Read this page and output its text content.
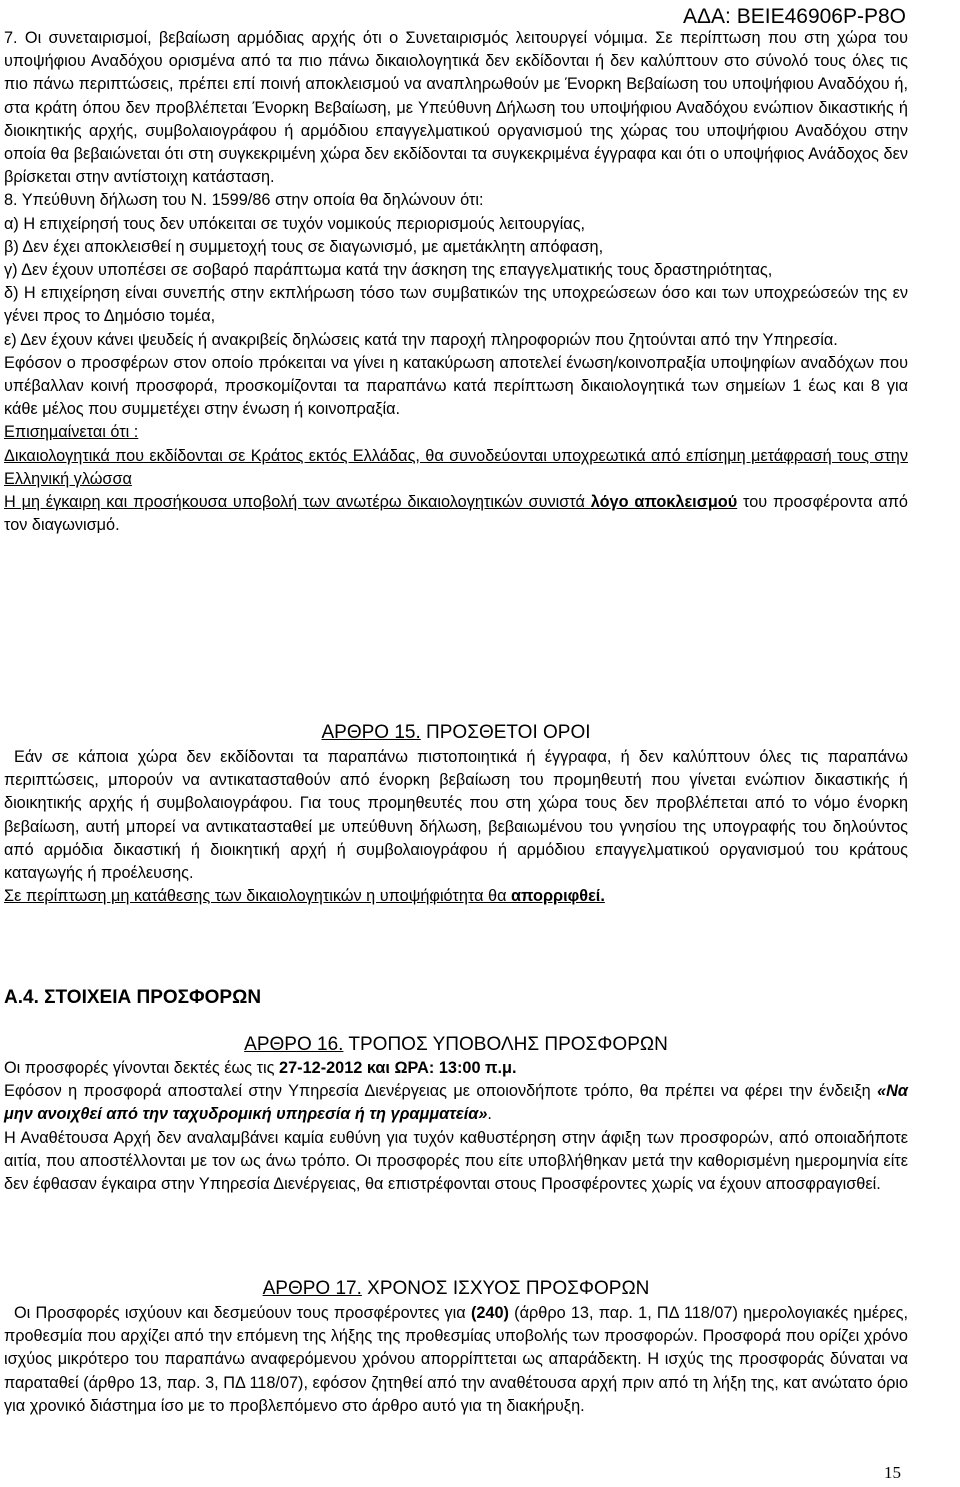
ΑΔΑ: ΒΕΙΕ46906Ρ-Ρ8Ο

7. Οι συνεταιρισμοί, βεβαίωση αρμόδιας αρχής ότι ο Συνεταιρισμός λειτουργεί νόμιμα. Σε περίπτωση που στη χώρα του υποψήφιου Αναδόχου ορισμένα από τα πιο πάνω δικαιολογητικά δεν εκδίδονται ή δεν καλύπτουν στο σύνολό τους όλες τις πιο πάνω περιπτώσεις, πρέπει επί ποινή αποκλεισμού να αναπληρωθούν με Ένορκη Βεβαίωση του υποψήφιου Αναδόχου ή, στα κράτη όπου δεν προβλέπεται Ένορκη Βεβαίωση, με Υπεύθυνη Δήλωση του υποψήφιου Αναδόχου ενώπιον δικαστικής ή διοικητικής αρχής, συμβολαιογράφου ή αρμόδιου επαγγελματικού οργανισμού της χώρας του υποψήφιου Αναδόχου στην οποία θα βεβαιώνεται ότι στη συγκεκριμένη χώρα δεν εκδίδονται τα συγκεκριμένα έγγραφα και ότι ο υποψήφιος Ανάδοχος δεν βρίσκεται στην αντίστοιχη κατάσταση.

8. Υπεύθυνη δήλωση του Ν. 1599/86 στην οποία θα δηλώνουν ότι:

α) Η επιχείρησή τους δεν υπόκειται σε τυχόν νομικούς περιορισμούς λειτουργίας,

β) Δεν έχει αποκλεισθεί η συμμετοχή τους σε διαγωνισμό, με αμετάκλητη απόφαση,

γ) Δεν έχουν υποπέσει σε σοβαρό παράπτωμα κατά την άσκηση της επαγγελματικής τους δραστηριότητας,

δ) Η επιχείρηση είναι συνεπής στην εκπλήρωση τόσο των συμβατικών της υποχρεώσεων όσο και των υποχρεώσεών της εν γένει προς το Δημόσιο τομέα,

ε) Δεν έχουν κάνει ψευδείς ή ανακριβείς δηλώσεις κατά την παροχή πληροφοριών που ζητούνται από την Υπηρεσία.

Εφόσον ο προσφέρων στον οποίο πρόκειται να γίνει η κατακύρωση αποτελεί ένωση/κοινοπραξία υποψηφίων αναδόχων που υπέβαλλαν κοινή προσφορά, προσκομίζονται τα παραπάνω κατά περίπτωση δικαιολογητικά των σημείων 1 έως και 8 για κάθε μέλος που συμμετέχει στην ένωση ή κοινοπραξία.

Επισημαίνεται ότι :

Δικαιολογητικά που εκδίδονται σε Κράτος εκτός Ελλάδας, θα συνοδεύονται υποχρεωτικά από επίσημη μετάφρασή τους στην Ελληνική γλώσσα

Η μη έγκαιρη και προσήκουσα υποβολή των ανωτέρω δικαιολογητικών συνιστά λόγο αποκλεισμού του προσφέροντα από τον διαγωνισμό.

ΑΡΘΡΟ 15. ΠΡΟΣΘΕΤΟΙ ΟΡΟΙ

Εάν σε κάποια χώρα δεν εκδίδονται τα παραπάνω πιστοποιητικά ή έγγραφα, ή δεν καλύπτουν όλες τις παραπάνω περιπτώσεις, μπορούν να αντικατασταθούν από ένορκη βεβαίωση του προμηθευτή που γίνεται ενώπιον δικαστικής ή διοικητικής αρχής ή συμβολαιογράφου. Για τους προμηθευτές που στη χώρα τους δεν προβλέπεται από το νόμο ένορκη βεβαίωση, αυτή μπορεί να αντικατασταθεί με υπεύθυνη δήλωση, βεβαιωμένου του γνησίου της υπογραφής του δηλούντος από αρμόδια δικαστική ή διοικητική αρχή ή συμβολαιογράφου ή αρμόδιου επαγγελματικού οργανισμού του κράτους καταγωγής ή προέλευσης.

Σε περίπτωση μη κατάθεσης των δικαιολογητικών η υποψήφιότητα θα απορριφθεί.

Α.4. ΣΤΟΙΧΕΙΑ ΠΡΟΣΦΟΡΩΝ

ΑΡΘΡΟ 16. ΤΡΟΠΟΣ ΥΠΟΒΟΛΗΣ ΠΡΟΣΦΟΡΩΝ

Οι προσφορές γίνονται δεκτές έως τις 27-12-2012 και ΩΡΑ: 13:00 π.μ.

Εφόσον η προσφορά αποσταλεί στην Υπηρεσία Διενέργειας με οποιονδήποτε τρόπο, θα πρέπει να φέρει την ένδειξη «Να μην ανοιχθεί από την ταχυδρομική υπηρεσία ή τη γραμματεία».

Η Αναθέτουσα Αρχή δεν αναλαμβάνει καμία ευθύνη για τυχόν καθυστέρηση στην άφιξη των προσφορών, από οποιαδήποτε αιτία, που αποστέλλονται με τον ως άνω τρόπο. Οι προσφορές που είτε υποβλήθηκαν μετά την καθορισμένη ημερομηνία είτε δεν έφθασαν έγκαιρα στην Υπηρεσία Διενέργειας, θα επιστρέφονται στους Προσφέροντες χωρίς να έχουν αποσφραγισθεί.

ΑΡΘΡΟ 17. ΧΡΟΝΟΣ ΙΣΧΥΟΣ ΠΡΟΣΦΟΡΩΝ

Οι Προσφορές ισχύουν και δεσμεύουν τους προσφέροντες για (240) (άρθρο 13, παρ. 1, ΠΔ 118/07) ημερολογιακές ημέρες, προθεσμία που αρχίζει από την επόμενη της λήξης της προθεσμίας υποβολής των προσφορών. Προσφορά που ορίζει χρόνο ισχύος μικρότερο του παραπάνω αναφερόμενου χρόνου απορρίπτεται ως απαράδεκτη. Η ισχύς της προσφοράς δύναται να παραταθεί (άρθρο 13, παρ. 3, ΠΔ 118/07), εφόσον ζητηθεί από την αναθέτουσα αρχή πριν από τη λήξη της, κατ ανώτατο όριο για χρονικό διάστημα ίσο με το προβλεπόμενο στο άρθρο αυτό για τη διακήρυξη.

15
